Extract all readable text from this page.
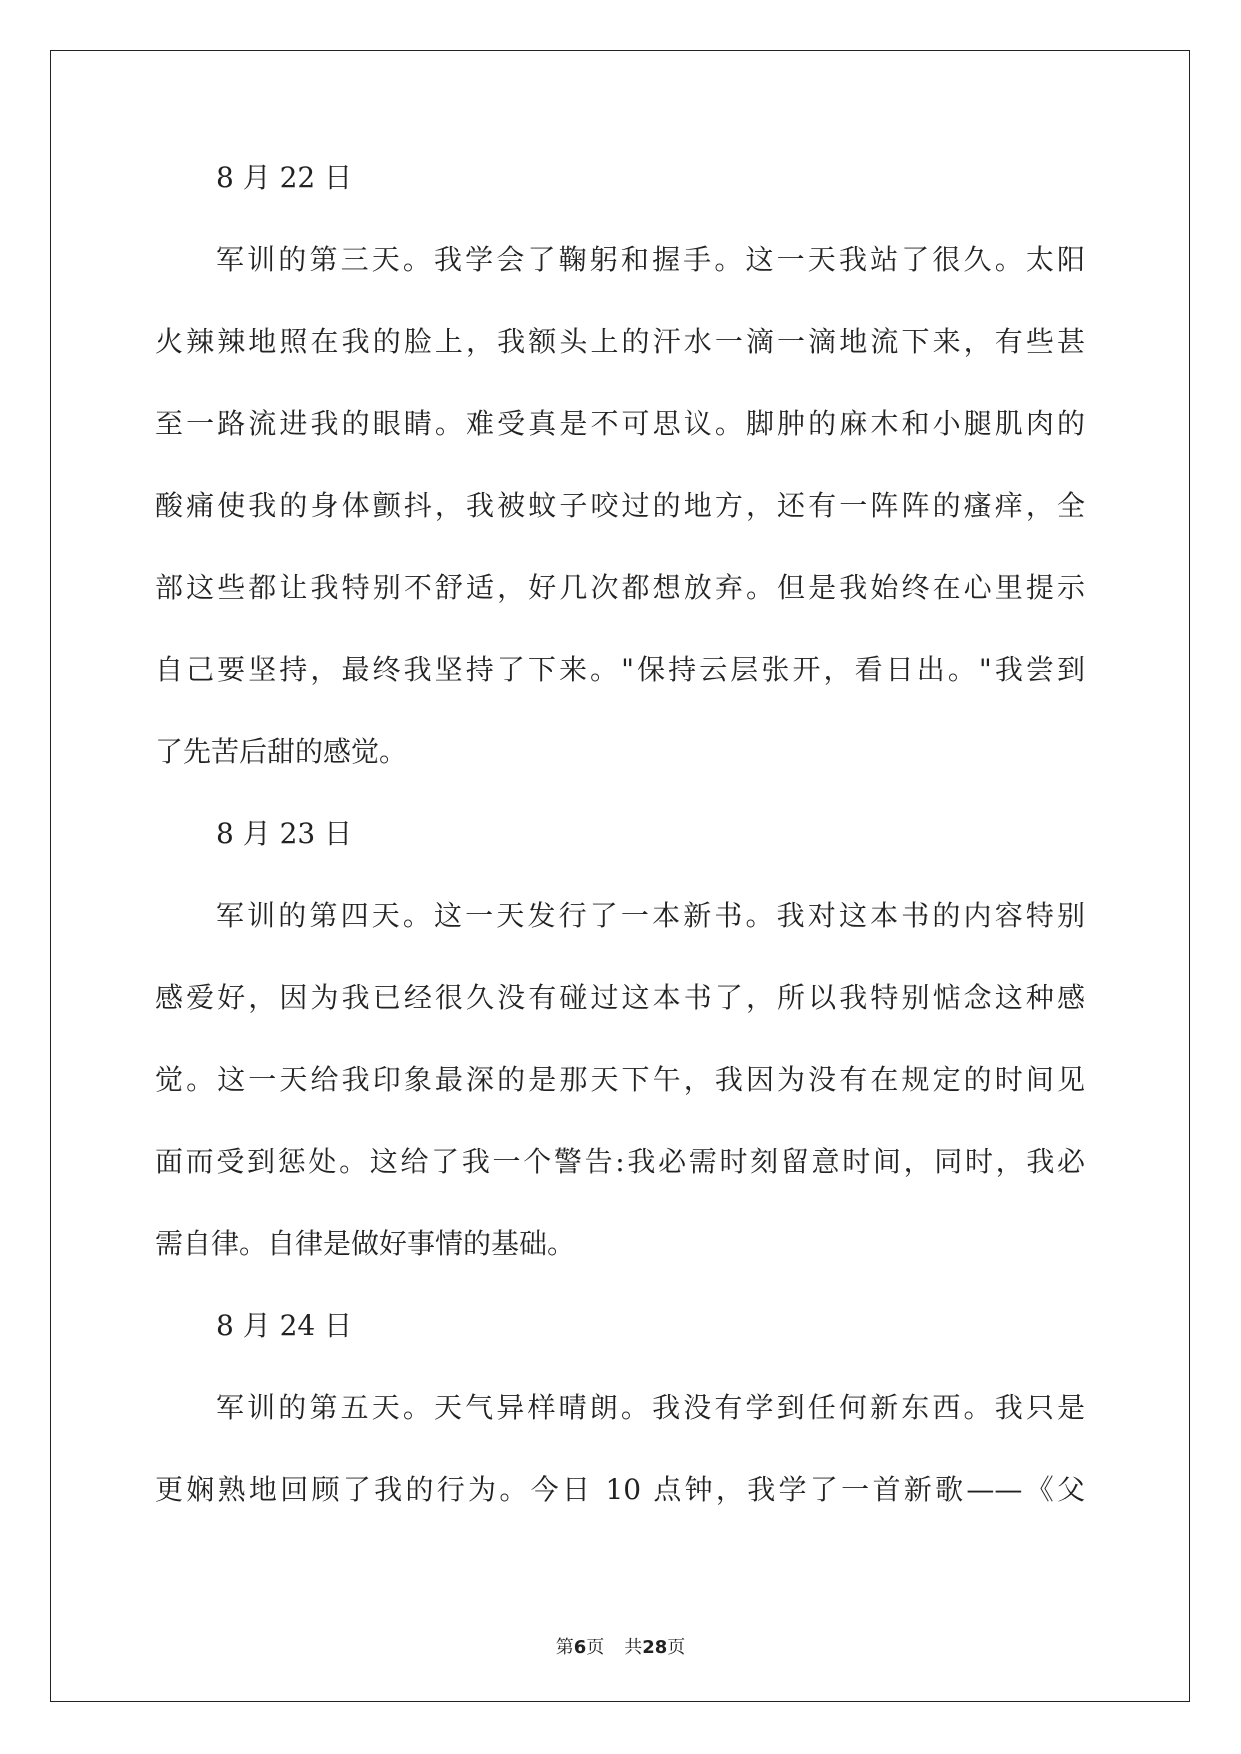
8 月 22 日
军训的第三天。我学会了鞠躬和握手。这一天我站了很久。太阳
火辣辣地照在我的脸上，我额头上的汗水一滴一滴地流下来，有些甚
至一路流进我的眼睛。难受真是不可思议。脚肿的麻木和小腿肌肉的
酸痛使我的身体颤抖，我被蚊子咬过的地方，还有一阵阵的瘙痒，全
部这些都让我特别不舒适，好几次都想放弃。但是我始终在心里提示
自己要坚持，最终我坚持了下来。"保持云层张开，看日出。"我尝到
了先苦后甜的感觉。
8 月 23 日
军训的第四天。这一天发行了一本新书。我对这本书的内容特别
感爱好，因为我已经很久没有碰过这本书了，所以我特别惦念这种感
觉。这一天给我印象最深的是那天下午，我因为没有在规定的时间见
面而受到惩处。这给了我一个警告:我必需时刻留意时间，同时，我必
需自律。自律是做好事情的基础。
8 月 24 日
军训的第五天。天气异样晴朗。我没有学到任何新东西。我只是
更娴熟地回顾了我的行为。今日 10 点钟，我学了一首新歌——《父
第6页 共28页
